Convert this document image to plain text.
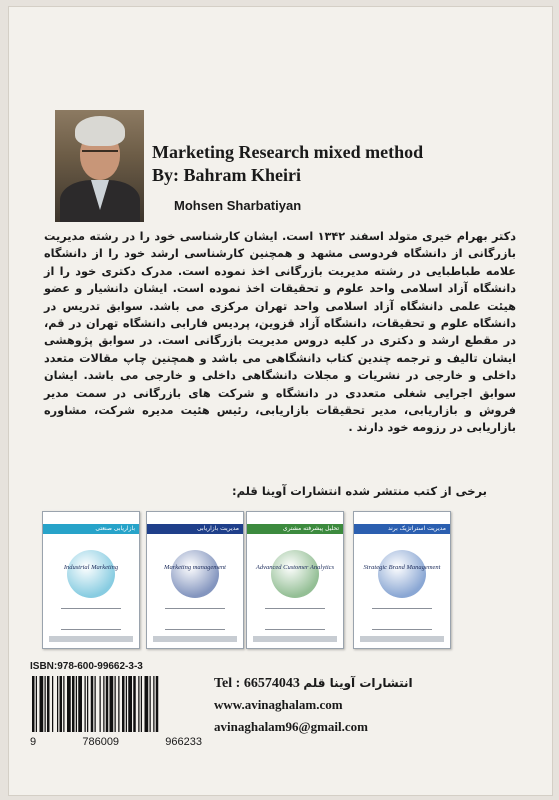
Marketing Research mixed method
By: Bahram Kheiri
Mohsen Sharbatiyan
دکتر بهرام خیری متولد اسفند ۱۳۴۲ است. ایشان کارشناسی خود را در رشته مدیریت بازرگانی از دانشگاه فردوسی مشهد و همچنین کارشناسی ارشد خود را از دانشگاه علامه طباطبایی در رشته مدیریت بازرگانی اخذ نموده است. مدرک دکتری خود را از دانشگاه آزاد اسلامی واحد علوم و تحقیقات اخذ نموده است. ایشان دانشیار و عضو هیئت علمی دانشگاه آزاد اسلامی واحد تهران مرکزی می باشد. سوابق تدریس در دانشگاه علوم و تحقیقات، دانشگاه آزاد قزوین، پردیس فارابی دانشگاه تهران در قم، در مقطع ارشد و دکتری در کلیه دروس مدیریت بازرگانی است. در سوابق پژوهشی ایشان تالیف و ترجمه چندین کتاب دانشگاهی می باشد و همچنین چاپ مقالات متعدد داخلی و خارجی در نشریات و مجلات دانشگاهی داخلی و خارجی می باشد. ایشان سوابق اجرایی شغلی متعددی در دانشگاه و شرکت های بازرگانی در سمت مدیر فروش و بازاریابی، مدیر تحقیقات بازاریابی، رئیس هئیت مدیره شرکت، مشاوره بازاریابی در رزومه خود دارند .
برخی از کتب منتشر شده انتشارات آوینا قلم:
بازاریابی صنعتی
Industrial Marketing
مدیریت بازاریابی
Marketing management
تحلیل پیشرفته مشتری
Advanced Customer Analytics
مدیریت استراتژیک برند
Strategic Brand Management
ISBN:978-600-99662-3-3
9	786009	966233
Tel : 66574043 انتشارات آوینا قلم
www.avinaghalam.com
avinaghalam96@gmail.com
